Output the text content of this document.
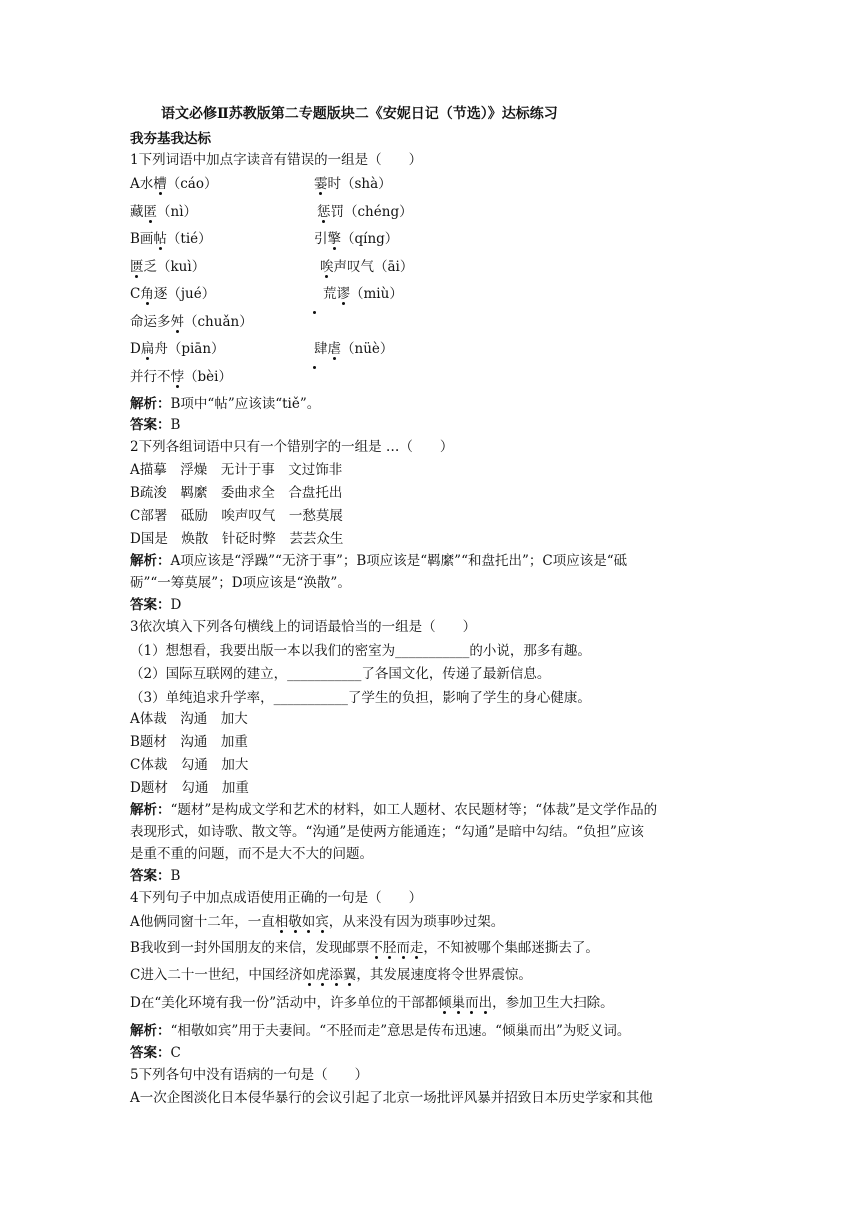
语文必修Ⅱ苏教版第二专题版块二《安妮日记（节选）》达标练习
我夯基我达标
1下列词语中加点字读音有错误的一组是（　　）
A水槽（cáo）	霎时（shà）
藏匿（nì）	惩罚（chéng）
B画帖（tié）	引擎（qíng）
匮乏（kuì）	唉声叹气（āi）
C角逐（jué）	荒谬（miù）
命运多舛（chuǎn）
D扁舟（piān）	肆虐（nüè）
并行不悖（bèi）
解析：B项中“帖”应该读“tiě”。
答案：B
2下列各组词语中只有一个错别字的一组是 …（　　）
A描摹　浮燥　无计于事　文过饰非
B疏浚　羁縻　委曲求全　合盘托出
C部署　砥励　唉声叹气　一愁莫展
D国是　焕散　针砭时弊　芸芸众生
解析：A项应该是“浮躁”“无济于事”；B项应该是“羁縻”“和盘托出”；C项应该是“砥
砺”“一筹莫展”；D项应该是“涣散”。
答案：D
3依次填入下列各句横线上的词语最恰当的一组是（　　）
（1）想想看，我要出版一本以我们的密室为___________的小说，那多有趣。
（2）国际互联网的建立，___________了各国文化，传递了最新信息。
（3）单纯追求升学率，___________了学生的负担，影响了学生的身心健康。
A体裁　沟通　加大
B题材　沟通　加重
C体裁　勾通　加大
D题材　勾通　加重
解析：“题材”是构成文学和艺术的材料，如工人题材、农民题材等；“体裁”是文学作品的
表现形式，如诗歌、散文等。“沟通”是使两方能通连；“勾通”是暗中勾结。“负担”应该
是重不重的问题，而不是大不大的问题。
答案：B
4下列句子中加点成语使用正确的一句是（　　）
A他俩同窗十二年，一直相敬如宾，从来没有因为琐事吵过架。
B我收到一封外国朋友的来信，发现邮票不胫而走，不知被哪个集邮迷撕去了。
C进入二十一世纪，中国经济如虎添翼，其发展速度将令世界震惊。
D在“美化环境有我一份”活动中，许多单位的干部都倾巢而出，参加卫生大扫除。
解析：“相敬如宾”用于夫妻间。“不胫而走”意思是传布迅速。“倾巢而出”为贬义词。
答案：C
5下列各句中没有语病的一句是（　　）
A一次企图淡化日本侵华暴行的会议引起了北京一场批评风暴并招致日本历史学家和其他
